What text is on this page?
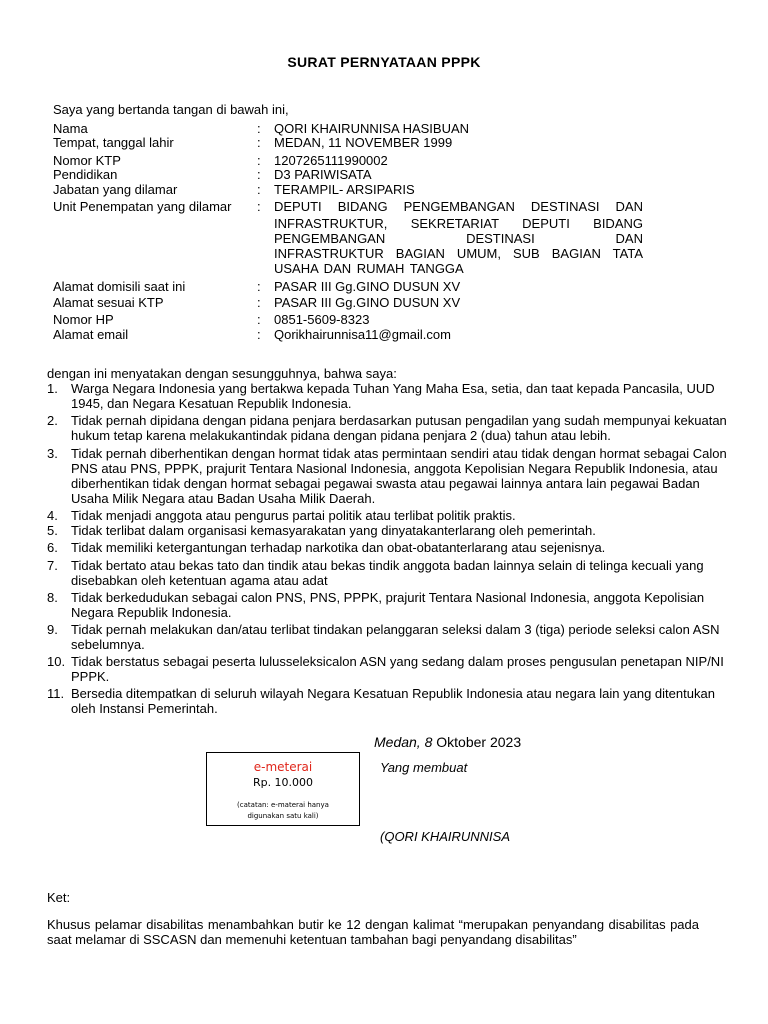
SURAT PERNYATAAN PPPK
Saya yang bertanda tangan di bawah ini,
Nama	: QORI KHAIRUNNISA HASIBUAN
Tempat, tanggal lahir	: MEDAN, 11 NOVEMBER 1999
Nomor KTP	: 1207265111990002
Pendidikan	: D3 PARIWISATA
Jabatan yang dilamar	: TERAMPIL- ARSIPARIS
Unit Penempatan yang dilamar : DEPUTI BIDANG PENGEMBANGAN DESTINASI DAN
INFRASTRUKTUR, SEKRETARIAT DEPUTI BIDANG
PENGEMBANGAN DESTINASI DAN
INFRASTRUKTUR BAGIAN UMUM, SUB BAGIAN TATA
USAHA DAN RUMAH TANGGA
Alamat domisili saat ini	: PASAR III Gg.GINO DUSUN XV
Alamat sesuai KTP	: PASAR III Gg.GINO DUSUN XV
Nomor HP	: 0851-5609-8323
Alamat email	: Qorikhairunnisa11@gmail.com
dengan ini menyatakan dengan sesungguhnya, bahwa saya:
1. Warga Negara Indonesia yang bertakwa kepada Tuhan Yang Maha Esa, setia, dan taat kepada Pancasila, UUD 1945, dan Negara Kesatuan Republik Indonesia.
2. Tidak pernah dipidana dengan pidana penjara berdasarkan putusan pengadilan yang sudah mempunyai kekuatan hukum tetap karena melakukantindak pidana dengan pidana penjara 2 (dua) tahun atau lebih.
3. Tidak pernah diberhentikan dengan hormat tidak atas permintaan sendiri atau tidak dengan hormat sebagai Calon PNS atau PNS, PPPK, prajurit Tentara Nasional Indonesia, anggota Kepolisian Negara Republik Indonesia, atau diberhentikan tidak dengan hormat sebagai pegawai swasta atau pegawai lainnya antara lain pegawai Badan Usaha Milik Negara atau Badan Usaha Milik Daerah.
4. Tidak menjadi anggota atau pengurus partai politik atau terlibat politik praktis.
5. Tidak terlibat dalam organisasi kemasyarakatan yang dinyatakanterlarang oleh pemerintah.
6. Tidak memiliki ketergantungan terhadap narkotika dan obat-obatanterlarang atau sejenisnya.
7. Tidak bertato atau bekas tato dan tindik atau bekas tindik anggota badan lainnya selain di telinga kecuali yang disebabkan oleh ketentuan agama atau adat
8. Tidak berkedudukan sebagai calon PNS, PNS, PPPK, prajurit Tentara Nasional Indonesia, anggota Kepolisian Negara Republik Indonesia.
9. Tidak pernah melakukan dan/atau terlibat tindakan pelanggaran seleksi dalam 3 (tiga) periode seleksi calon ASN sebelumnya.
10. Tidak berstatus sebagai peserta lulusseleksicalon ASN yang sedang dalam proses pengusulan penetapan NIP/NI PPPK.
11. Bersedia ditempatkan di seluruh wilayah Negara Kesatuan Republik Indonesia atau negara lain yang ditentukan oleh Instansi Pemerintah.
Medan, 8 Oktober 2023
Yang membuat
(QORI KHAIRUNNISA
e-meterai
Rp. 10.000
(catatan: e-materai hanya
digunakan satu kali)
Ket:
Khusus pelamar disabilitas menambahkan butir ke 12 dengan kalimat “merupakan penyandang disabilitas pada saat melamar di SSCASN dan memenuhi ketentuan tambahan bagi penyandang disabilitas”
